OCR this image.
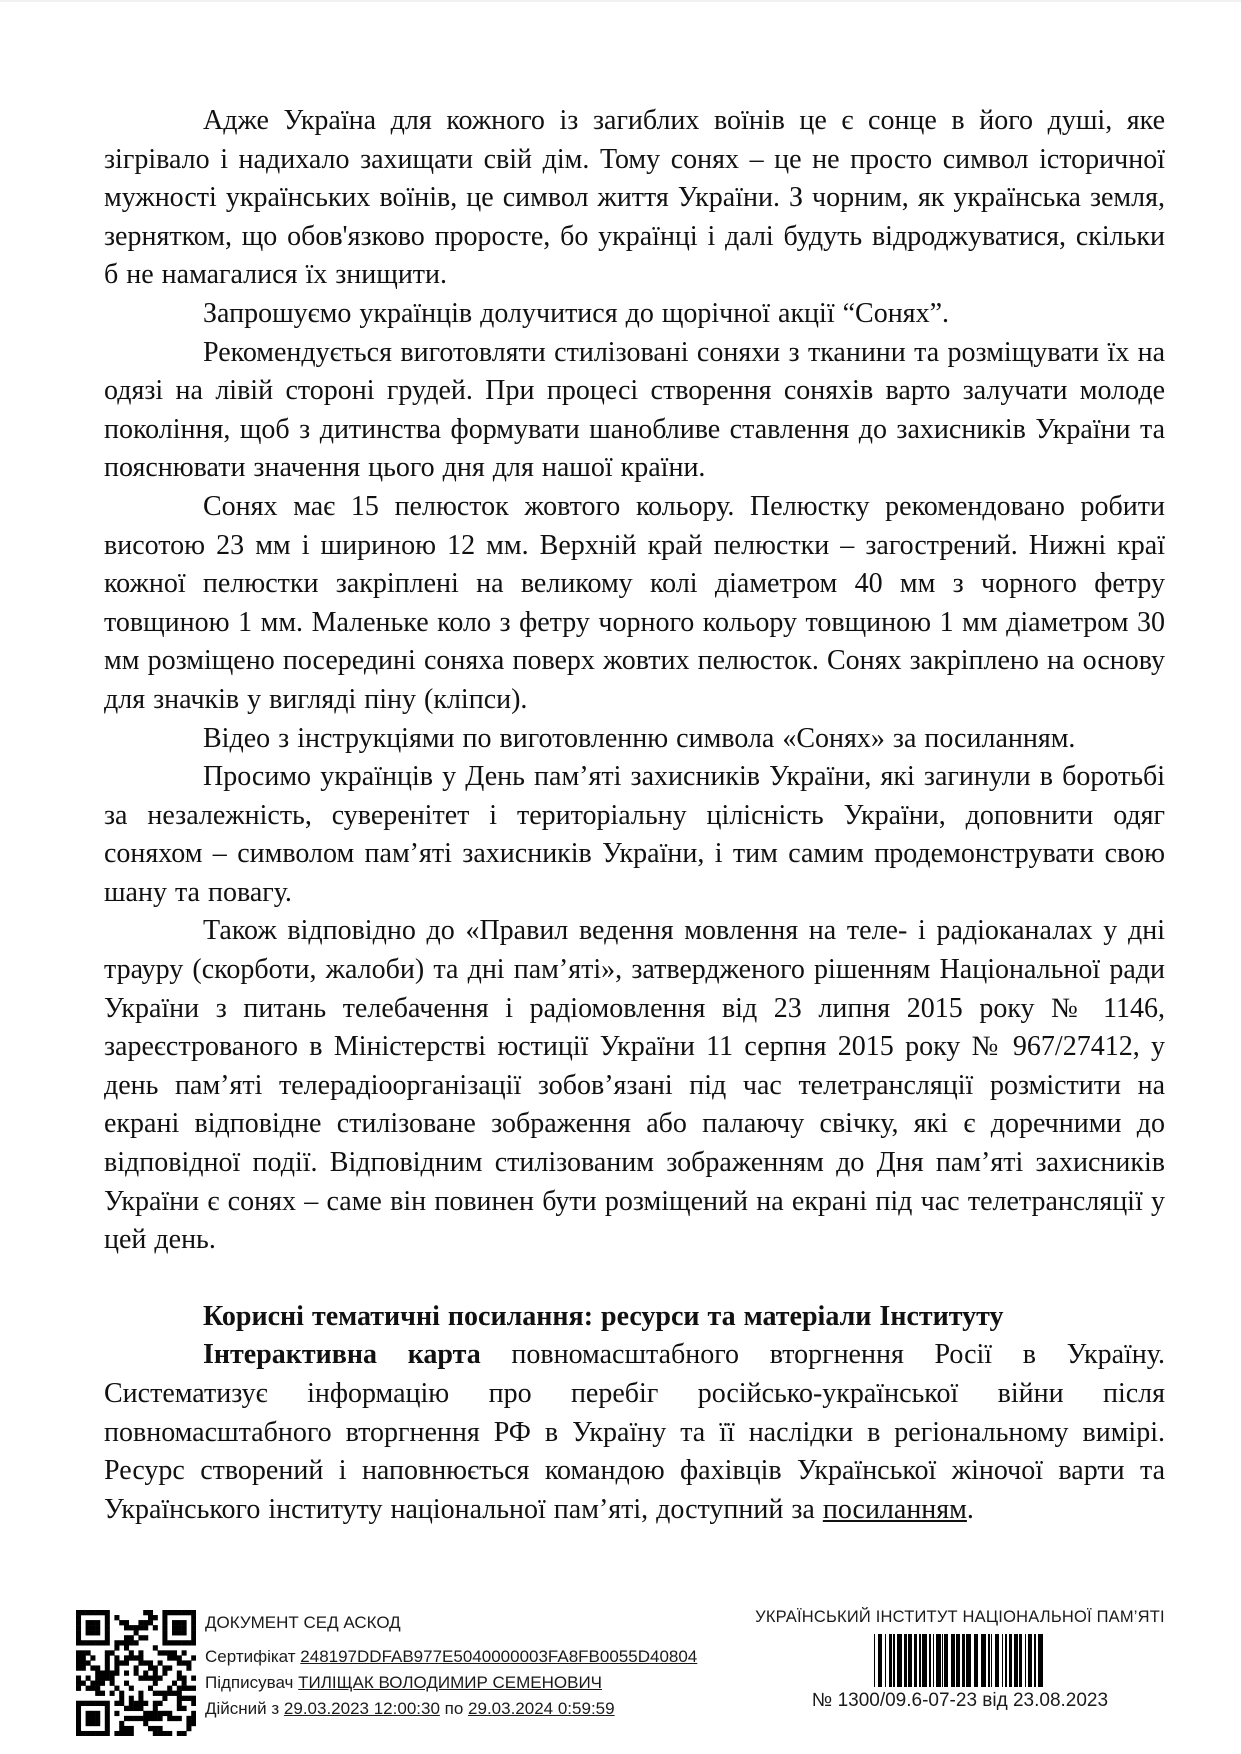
Адже Україна для кожного із загиблих воїнів це є сонце в його душі, яке зігрівало і надихало захищати свій дім. Тому сонях – це не просто символ історичної мужності українських воїнів, це символ життя України. З чорним, як українська земля, зернятком, що обов'язково проросте, бо українці і далі будуть відроджуватися, скільки б не намагалися їх знищити.

Запрошуємо українців долучитися до щорічної акції “Сонях”.

Рекомендується виготовляти стилізовані соняхи з тканини та розміщувати їх на одязі на лівій стороні грудей. При процесі створення соняхів варто залучати молоде покоління, щоб з дитинства формувати шанобливе ставлення до захисників України та пояснювати значення цього дня для нашої країни.

Сонях має 15 пелюсток жовтого кольору. Пелюстку рекомендовано робити висотою 23 мм і шириною 12 мм. Верхній край пелюстки – загострений. Нижні краї кожної пелюстки закріплені на великому колі діаметром 40 мм з чорного фетру товщиною 1 мм. Маленьке коло з фетру чорного кольору товщиною 1 мм діаметром 30 мм розміщено посередині соняха поверх жовтих пелюсток. Сонях закріплено на основу для значків у вигляді піну (кліпси).

Відео з інструкціями по виготовленню символа «Сонях» за посиланням.

Просимо українців у День пам’яті захисників України, які загинули в боротьбі за незалежність, суверенітет і територіальну цілісність України, доповнити одяг соняхом – символом пам’яті захисників України, і тим самим продемонструвати свою шану та повагу.

Також відповідно до «Правил ведення мовлення на теле- і радіоканалах у дні трауру (скорботи, жалоби) та дні пам’яті», затвердженого рішенням Національної ради України з питань телебачення і радіомовлення від 23 липня 2015 року № 1146, зареєстрованого в Міністерстві юстиції України 11 серпня 2015 року № 967/27412, у день пам’яті телерадіоорганізації зобов’язані під час телетрансляції розмістити на екрані відповідне стилізоване зображення або палаючу свічку, які є доречними до відповідної події. Відповідним стилізованим зображенням до Дня пам’яті захисників України є сонях – саме він повинен бути розміщений на екрані під час телетрансляції у цей день.

Корисні тематичні посилання: ресурси та матеріали Інституту

Інтерактивна карта повномасштабного вторгнення Росії в Україну. Систематизує інформацію про перебіг російсько-української війни після повномасштабного вторгнення РФ в Україну та її наслідки в регіональному вимірі. Ресурс створений і наповнюється командою фахівців Української жіночої варти та Українського інституту національної пам’яті, доступний за посиланням.

ДОКУМЕНТ СЕД АСКОД
Сертифікат 248197DDFAB977E5040000003FA8FB0055D40804
Підписувач ТИЛІЩАК ВОЛОДИМИР СЕМЕНОВИЧ
Дійсний з 29.03.2023 12:00:30 по 29.03.2024 0:59:59
УКРАЇНСЬКИЙ ІНСТИТУТ НАЦІОНАЛЬНОЇ ПАМ’ЯТІ
№ 1300/09.6-07-23 від 23.08.2023
